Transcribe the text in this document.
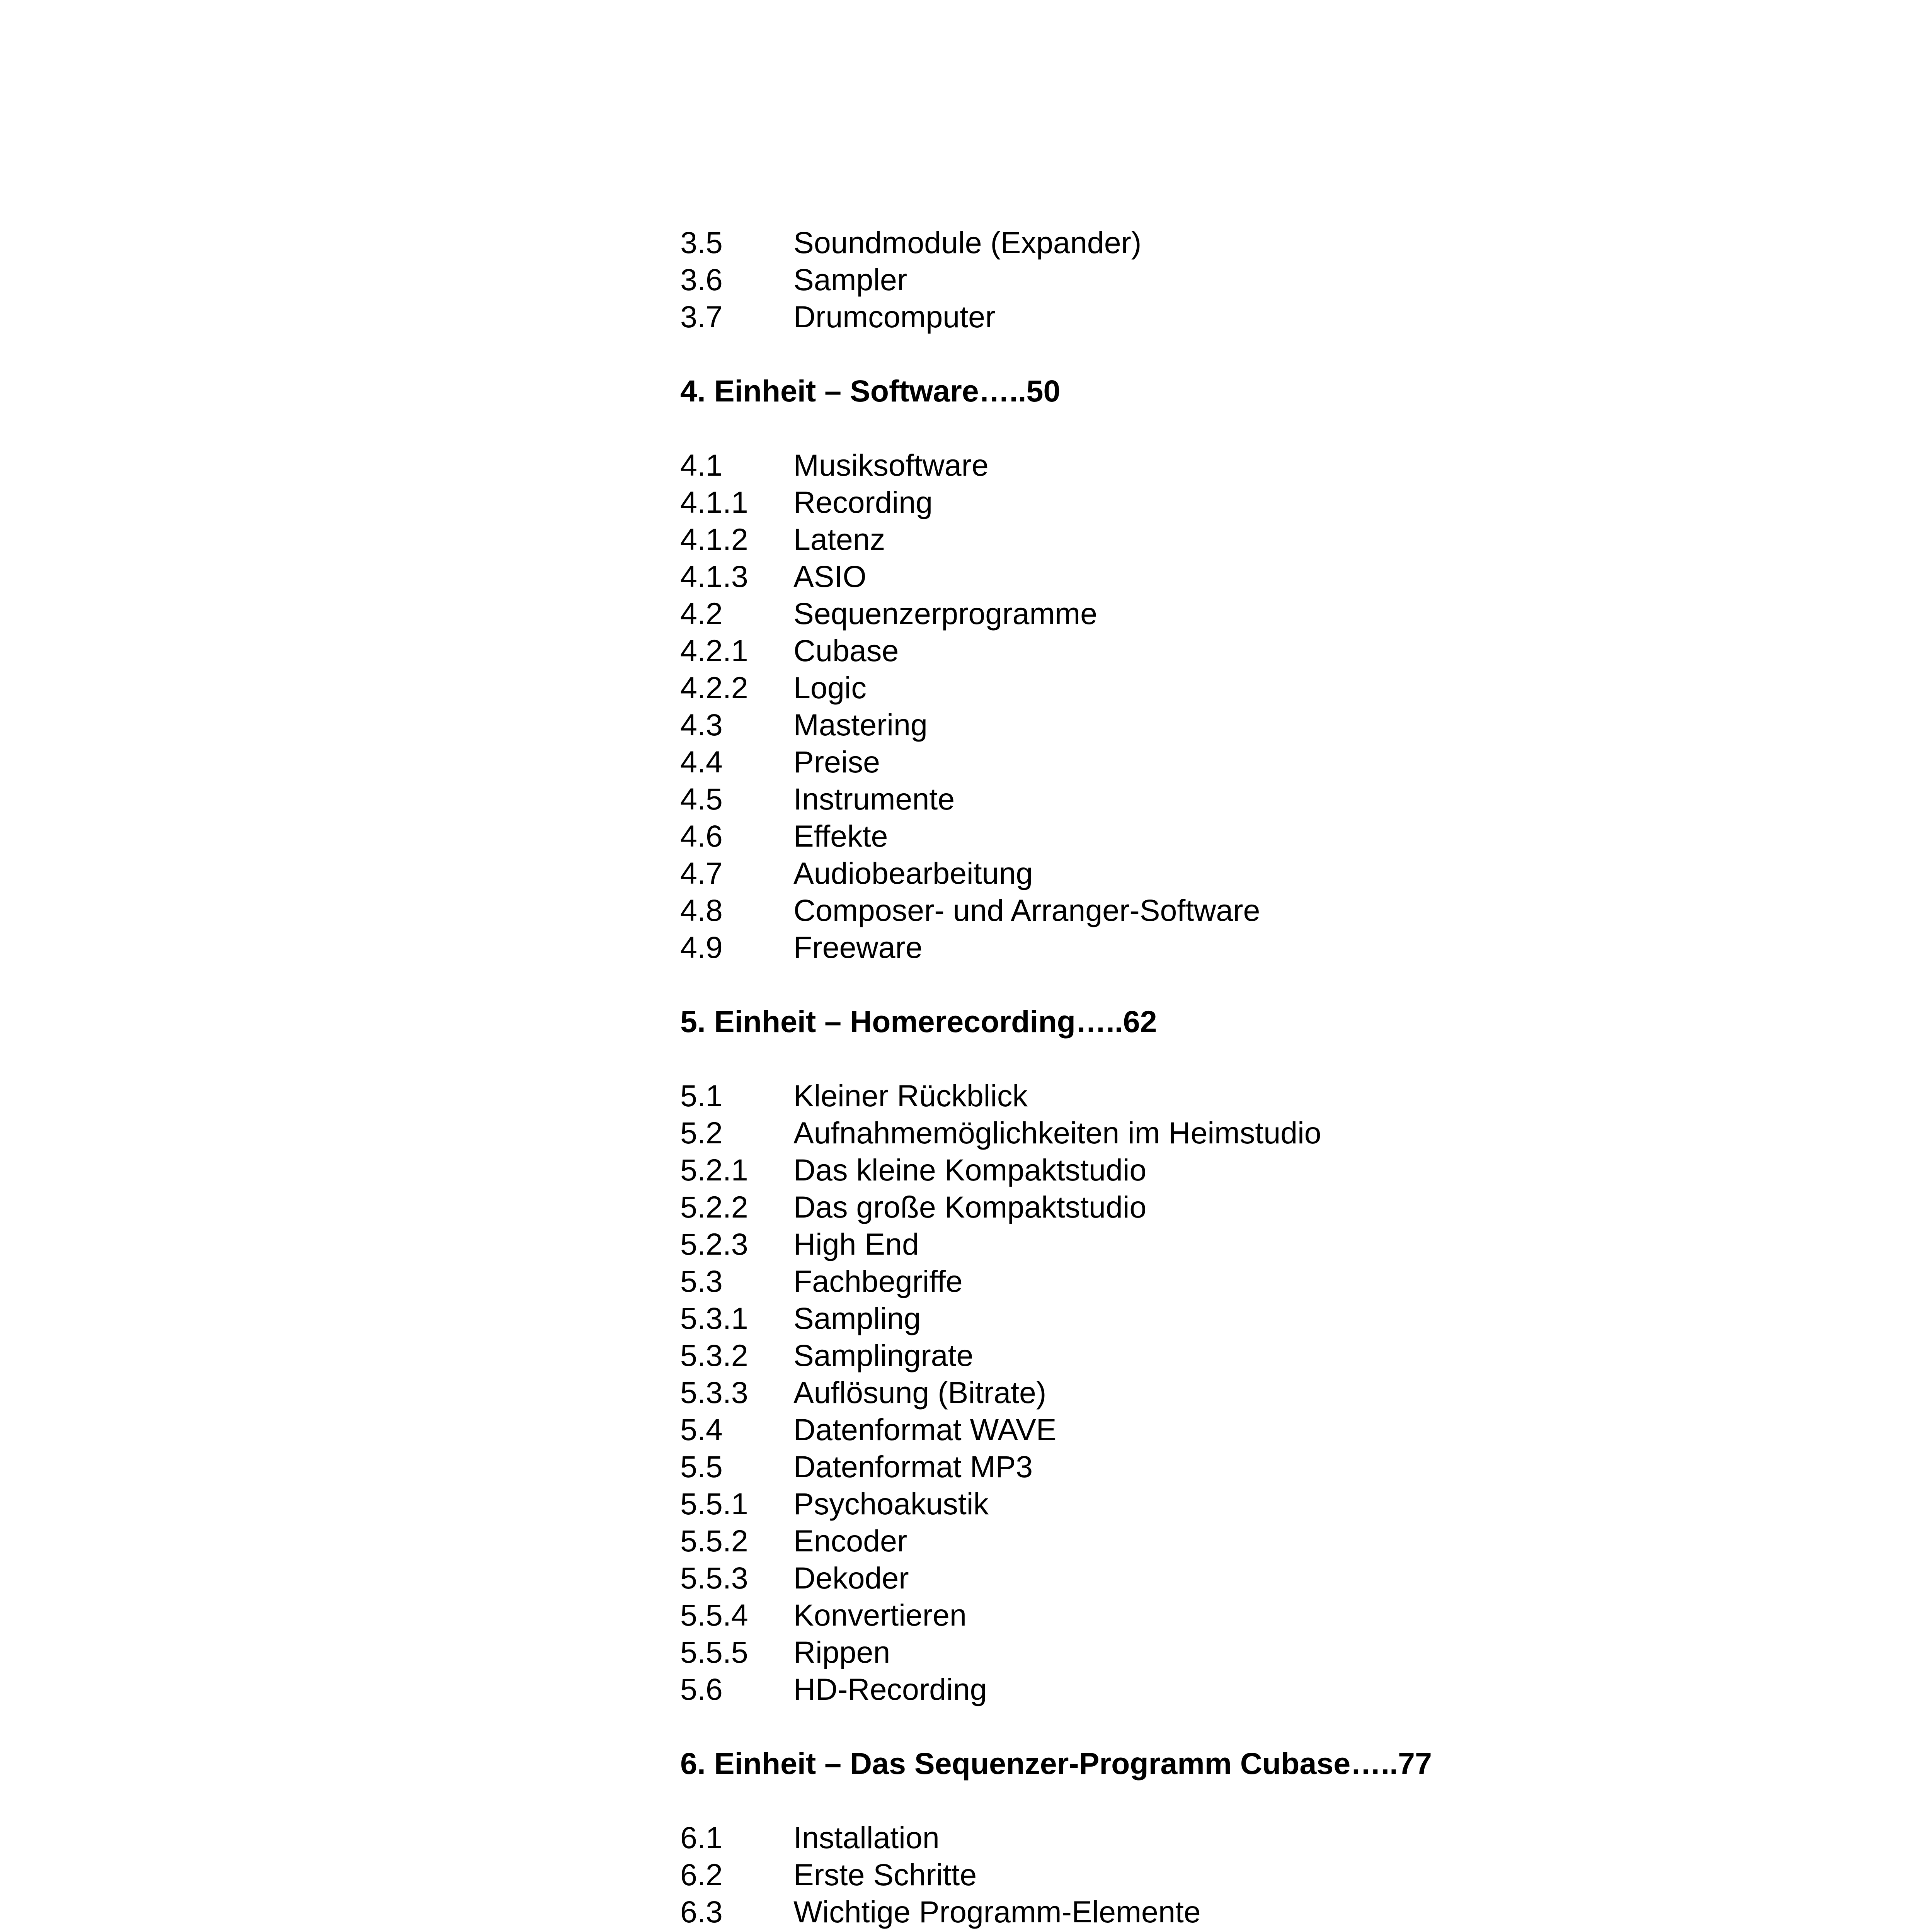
3.5	Soundmodule (Expander)
3.6	Sampler
3.7	Drumcomputer
4. Einheit – Software…..50
4.1	Musiksoftware
4.1.1	Recording
4.1.2	Latenz
4.1.3	ASIO
4.2	Sequenzerprogramme
4.2.1	Cubase
4.2.2	Logic
4.3	Mastering
4.4	Preise
4.5	Instrumente
4.6	Effekte
4.7	Audiobearbeitung
4.8	Composer- und Arranger-Software
4.9	Freeware
5. Einheit – Homerecording…..62
5.1	Kleiner Rückblick
5.2	Aufnahmemöglichkeiten im Heimstudio
5.2.1	Das kleine Kompaktstudio
5.2.2	Das große Kompaktstudio
5.2.3	High End
5.3	Fachbegriffe
5.3.1	Sampling
5.3.2	Samplingrate
5.3.3	Auflösung (Bitrate)
5.4	Datenformat WAVE
5.5	Datenformat MP3
5.5.1	Psychoakustik
5.5.2	Encoder
5.5.3	Dekoder
5.5.4	Konvertieren
5.5.5	Rippen
5.6	HD-Recording
6. Einheit – Das Sequenzer-Programm Cubase…..77
6.1	Installation
6.2	Erste Schritte
6.3	Wichtige Programm-Elemente
